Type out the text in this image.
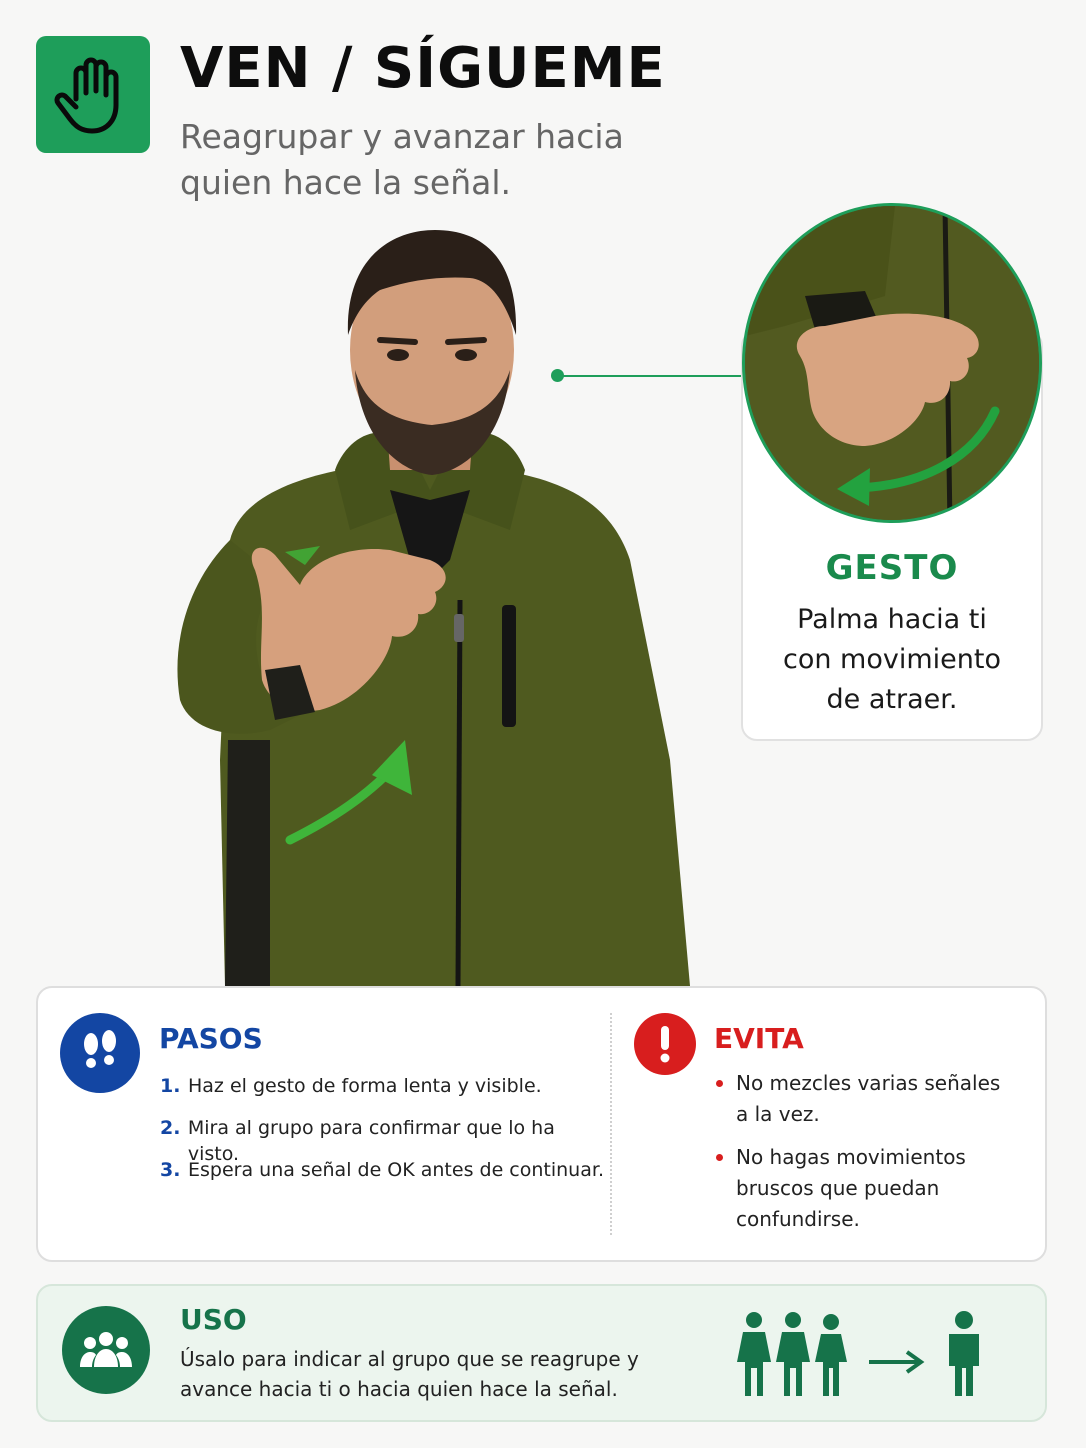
VEN / SÍGUEME

Reagrupar y avanzar hacia quien hace la señal.

GESTO
Palma hacia ti con movimiento de atraer.
PASOS
1. Haz el gesto de forma lenta y visible.
2. Mira al grupo para confirmar que lo ha visto.
3. Espera una señal de OK antes de continuar.
EVITA
No mezcles varias señales a la vez.
No hagas movimientos bruscos que puedan confundirse.
USO
Úsalo para indicar al grupo que se reagrupe y avance hacia ti o hacia quien hace la señal.
